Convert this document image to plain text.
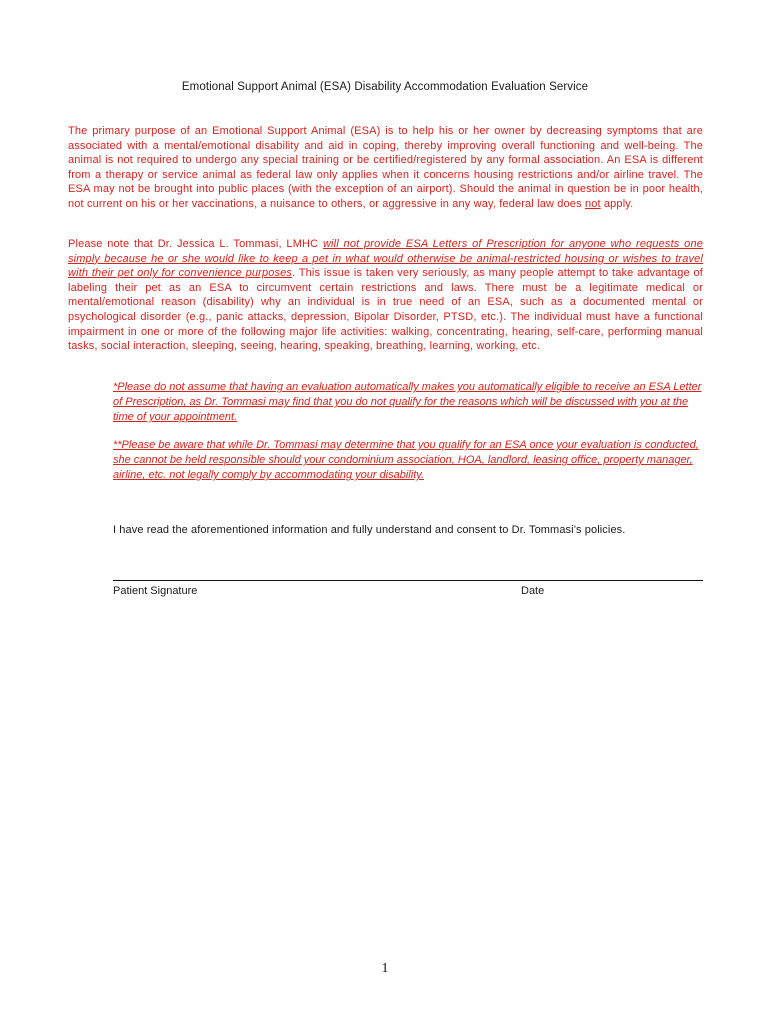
Emotional Support Animal (ESA) Disability Accommodation Evaluation Service
The primary purpose of an Emotional Support Animal (ESA) is to help his or her owner by decreasing symptoms that are associated with a mental/emotional disability and aid in coping, thereby improving overall functioning and well-being. The animal is not required to undergo any special training or be certified/registered by any formal association. An ESA is different from a therapy or service animal as federal law only applies when it concerns housing restrictions and/or airline travel. The ESA may not be brought into public places (with the exception of an airport). Should the animal in question be in poor health, not current on his or her vaccinations, a nuisance to others, or aggressive in any way, federal law does not apply.
Please note that Dr. Jessica L. Tommasi, LMHC will not provide ESA Letters of Prescription for anyone who requests one simply because he or she would like to keep a pet in what would otherwise be animal-restricted housing or wishes to travel with their pet only for convenience purposes. This issue is taken very seriously, as many people attempt to take advantage of labeling their pet as an ESA to circumvent certain restrictions and laws. There must be a legitimate medical or mental/emotional reason (disability) why an individual is in true need of an ESA, such as a documented mental or psychological disorder (e.g., panic attacks, depression, Bipolar Disorder, PTSD, etc.). The individual must have a functional impairment in one or more of the following major life activities: walking, concentrating, hearing, self-care, performing manual tasks, social interaction, sleeping, seeing, hearing, speaking, breathing, learning, working, etc.
*Please do not assume that having an evaluation automatically makes you automatically eligible to receive an ESA Letter of Prescription, as Dr. Tommasi may find that you do not qualify for the reasons which will be discussed with you at the time of your appointment.
**Please be aware that while Dr. Tommasi may determine that you qualify for an ESA once your evaluation is conducted, she cannot be held responsible should your condominium association, HOA, landlord, leasing office, property manager, airline, etc. not legally comply by accommodating your disability.
I have read the aforementioned information and fully understand and consent to Dr. Tommasi’s policies.
Patient Signature	Date
1
